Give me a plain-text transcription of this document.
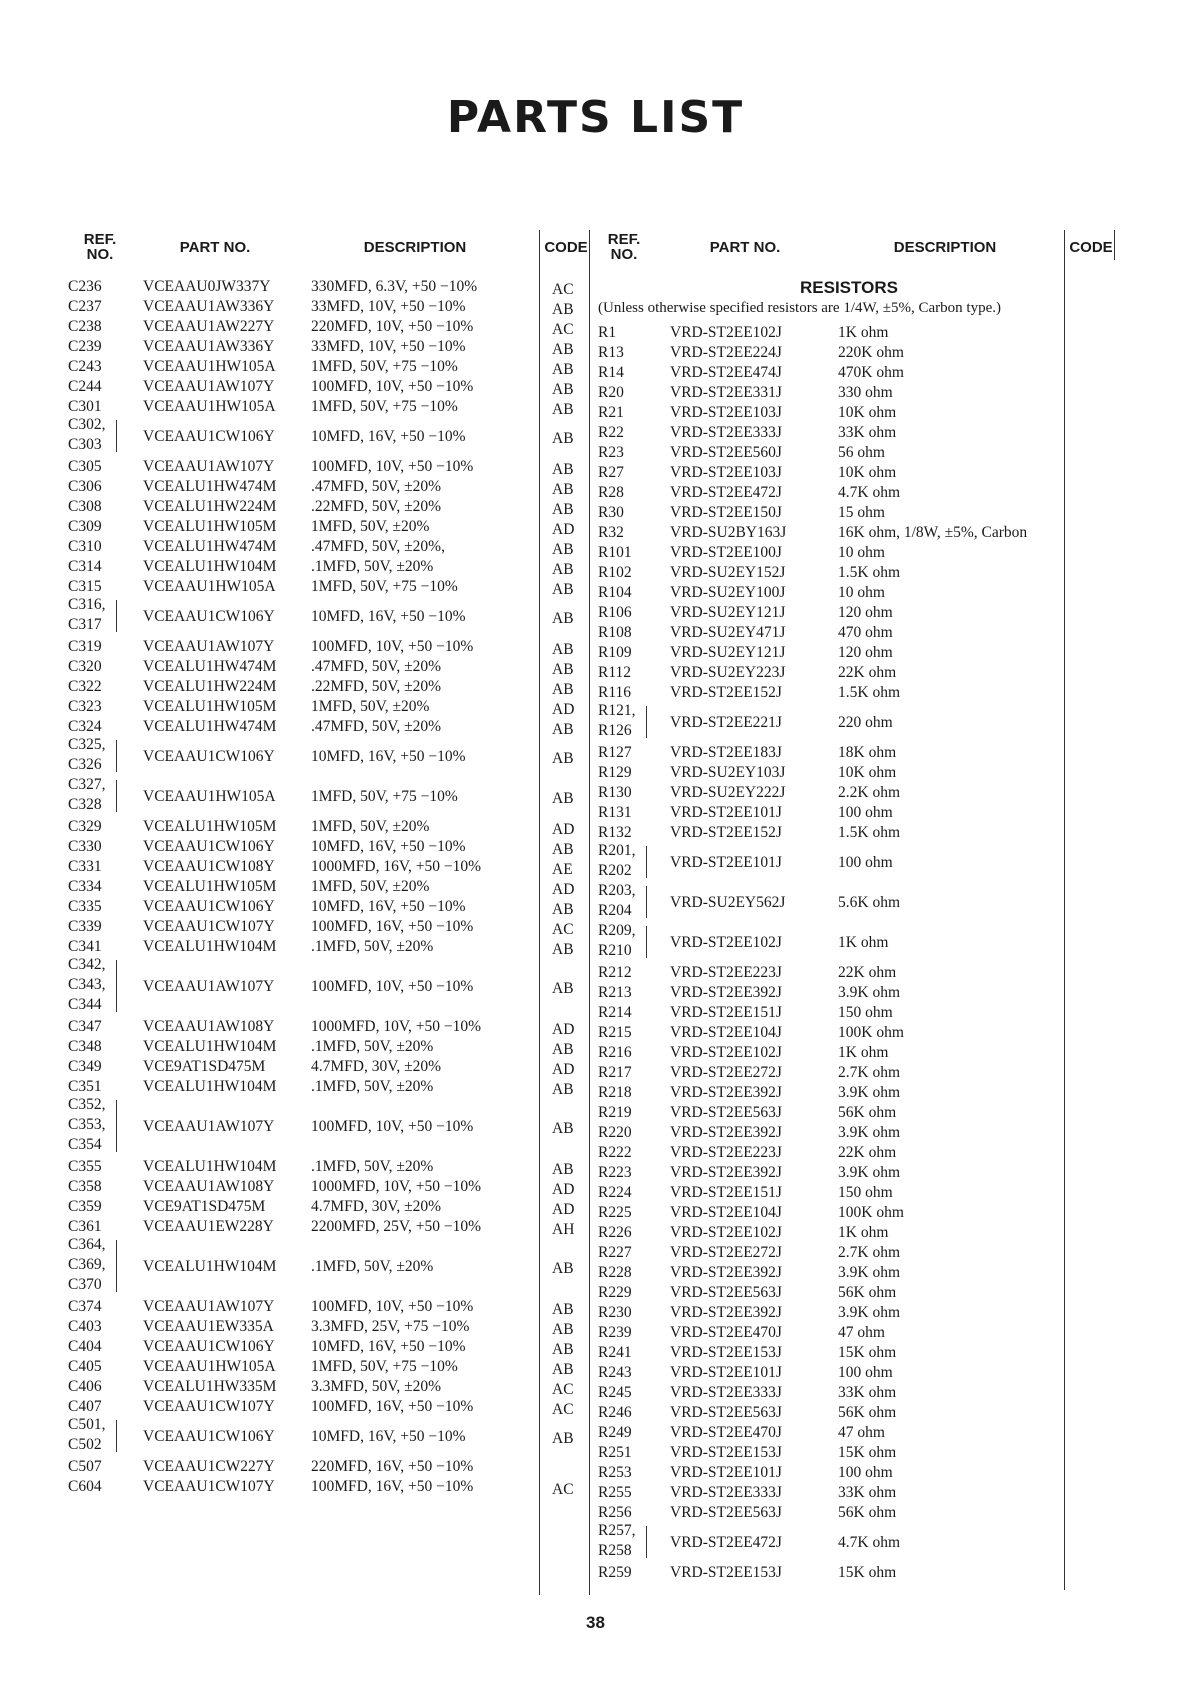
PARTS LIST
REF.
NO.	PART NO.	DESCRIPTION	CODE	REF.
NO.	PART NO.	DESCRIPTION	CODE
RESISTORS
(Unless otherwise specified resistors are 1/4W, ±5%, Carbon type.)
C236	VCEAAU0JW337Y	330MFD, 6.3V, +50 −10%	AC
C237	VCEAAU1AW336Y 33MFD, 10V, +50 −10%	AB
C238	VCEAAU1AW227Y 220MFD, 10V, +50 −10%	AC
C239	VCEAAU1AW336Y 33MFD, 10V, +50 −10%	AB
C243	VCEAAU1HW105A 1MFD, 50V, +75 −10%	AB
C244	VCEAAU1AW107Y 100MFD, 10V, +50 −10%	AB
C301	VCEAAU1HW105A 1MFD, 50V, +75 −10%	AB
C302,
C303	VCEAAU1CW106Y 10MFD, 16V, +50 −10%	AB
C305	VCEAAU1AW107Y 100MFD, 10V, +50 −10%	AB
C306	VCEALU1HW474M .47MFD, 50V, ±20%	AB
C308	VCEALU1HW224M .22MFD, 50V, ±20%	AB
C309	VCEALU1HW105M 1MFD, 50V, ±20%	AD
C310	VCEALU1HW474M .47MFD, 50V, ±20%,	AB
C314	VCEALU1HW104M .1MFD, 50V, ±20%	AB
C315	VCEAAU1HW105A 1MFD, 50V, +75 −10%	AB
C316,
C317	VCEAAU1CW106Y 10MFD, 16V, +50 −10%	AB
C319	VCEAAU1AW107Y 100MFD, 10V, +50 −10%	AB
C320	VCEALU1HW474M .47MFD, 50V, ±20%	AB
C322	VCEALU1HW224M .22MFD, 50V, ±20%	AB
C323	VCEALU1HW105M 1MFD, 50V, ±20%	AD
C324	VCEALU1HW474M .47MFD, 50V, ±20%	AB
C325,
C326	VCEAAU1CW106Y 10MFD, 16V, +50 −10%	AB
C327,
C328	VCEAAU1HW105A 1MFD, 50V, +75 −10%	AB
C329	VCEALU1HW105M 1MFD, 50V, ±20%	AD
C330	VCEAAU1CW106Y 10MFD, 16V, +50 −10%	AB
C331	VCEAAU1CW108Y 1000MFD, 16V, +50 −10%	AE
C334	VCEALU1HW105M 1MFD, 50V, ±20%	AD
C335	VCEAAU1CW106Y 10MFD, 16V, +50 −10%	AB
C339	VCEAAU1CW107Y 100MFD, 16V, +50 −10%	AC
C341	VCEALU1HW104M .1MFD, 50V, ±20%	AB
C342,
C343,
C344
VCEAAU1AW107Y 100MFD, 10V, +50 −10%	AB
C347	VCEAAU1AW108Y 1000MFD, 10V, +50 −10%	AD
C348	VCEALU1HW104M .1MFD, 50V, ±20%	AB
C349	VCE9AT1SD475M	4.7MFD, 30V, ±20%	AD
C351	VCEALU1HW104M .1MFD, 50V, ±20%	AB
C352,
C353,
C354
VCEAAU1AW107Y 100MFD, 10V, +50 −10%	AB
C355	VCEALU1HW104M .1MFD, 50V, ±20%	AB
C358	VCEAAU1AW108Y 1000MFD, 10V, +50 −10%	AD
C359	VCE9AT1SD475M	4.7MFD, 30V, ±20%	AD
C361	VCEAAU1EW228Y 2200MFD, 25V, +50 −10%	AH
C364,
C369,
C370
VCEALU1HW104M .1MFD, 50V, ±20%	AB
C374	VCEAAU1AW107Y 100MFD, 10V, +50 −10%	AB
C403	VCEAAU1EW335A 3.3MFD, 25V, +75 −10%	AB
C404	VCEAAU1CW106Y 10MFD, 16V, +50 −10%	AB
C405	VCEAAU1HW105A 1MFD, 50V, +75 −10%	AB
C406	VCEALU1HW335M 3.3MFD, 50V, ±20%	AC
C407	VCEAAU1CW107Y 100MFD, 16V, +50 −10%	AC
C501,
C502	VCEAAU1CW106Y 10MFD, 16V, +50 −10%	AB
C507	VCEAAU1CW227Y 220MFD, 16V, +50 −10%
C604	VCEAAU1CW107Y 100MFD, 16V, +50 −10%	AC
R1	VRD-ST2EE102J	1K ohm
R13	VRD-ST2EE224J	220K ohm
R14	VRD-ST2EE474J	470K ohm
R20	VRD-ST2EE331J	330 ohm
R21	VRD-ST2EE103J	10K ohm
R22	VRD-ST2EE333J	33K ohm
R23	VRD-ST2EE560J	56 ohm
R27	VRD-ST2EE103J	10K ohm
R28	VRD-ST2EE472J	4.7K ohm
R30	VRD-ST2EE150J	15 ohm
R32	VRD-SU2BY163J	16K ohm, 1/8W, ±5%, Carbon
R101 VRD-ST2EE100J	10 ohm
R102 VRD-SU2EY152J	1.5K ohm
R104 VRD-SU2EY100J	10 ohm
R106 VRD-SU2EY121J	120 ohm
R108 VRD-SU2EY471J	470 ohm
R109 VRD-SU2EY121J	120 ohm
R112	VRD-SU2EY223J	22K ohm
R116	VRD-ST2EE152J	1.5K ohm
R121,
R126 VRD-ST2EE221J	220 ohm
R127 VRD-ST2EE183J	18K ohm
R129 VRD-SU2EY103J	10K ohm
R130 VRD-SU2EY222J	2.2K ohm
R131 VRD-ST2EE101J	100 ohm
R132 VRD-ST2EE152J	1.5K ohm
R201,
R202 VRD-ST2EE101J	100 ohm
R203,
R204 VRD-SU2EY562J	5.6K ohm
R209,
R210 VRD-ST2EE102J	1K ohm
R212 VRD-ST2EE223J	22K ohm
R213 VRD-ST2EE392J	3.9K ohm
R214 VRD-ST2EE151J	150 ohm
R215 VRD-ST2EE104J	100K ohm
R216 VRD-ST2EE102J	1K ohm
R217 VRD-ST2EE272J	2.7K ohm
R218 VRD-ST2EE392J	3.9K ohm
R219 VRD-ST2EE563J	56K ohm
R220 VRD-ST2EE392J	3.9K ohm
R222 VRD-ST2EE223J	22K ohm
R223 VRD-ST2EE392J	3.9K ohm
R224 VRD-ST2EE151J	150 ohm
R225 VRD-ST2EE104J	100K ohm
R226 VRD-ST2EE102J	1K ohm
R227 VRD-ST2EE272J	2.7K ohm
R228 VRD-ST2EE392J	3.9K ohm
R229 VRD-ST2EE563J	56K ohm
R230 VRD-ST2EE392J	3.9K ohm
R239 VRD-ST2EE470J	47 ohm
R241 VRD-ST2EE153J	15K ohm
R243 VRD-ST2EE101J	100 ohm
R245 VRD-ST2EE333J	33K ohm
R246 VRD-ST2EE563J	56K ohm
R249 VRD-ST2EE470J	47 ohm
R251 VRD-ST2EE153J	15K ohm
R253 VRD-ST2EE101J	100 ohm
R255 VRD-ST2EE333J	33K ohm
R256 VRD-ST2EE563J	56K ohm
R257,
R258 VRD-ST2EE472J	4.7K ohm
R259 VRD-ST2EE153J	15K ohm
38
